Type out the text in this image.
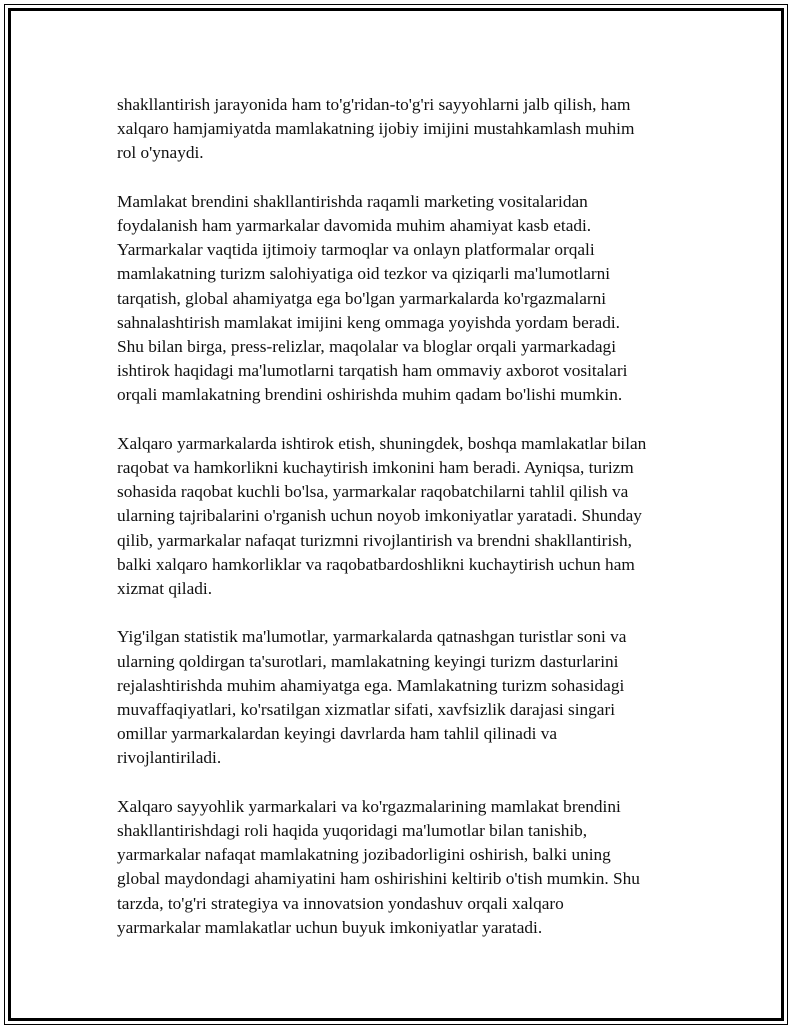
shakllantirish jarayonida ham to'g'ridan-to'g'ri sayyohlarni jalb qilish, ham
xalqaro hamjamiyatda mamlakatning ijobiy imijini mustahkamlash muhim
rol o'ynaydi.

Mamlakat brendini shakllantirishda raqamli marketing vositalaridan
foydalanish ham yarmarkalar davomida muhim ahamiyat kasb etadi.
Yarmarkalar vaqtida ijtimoiy tarmoqlar va onlayn platformalar orqali
mamlakatning turizm salohiyatiga oid tezkor va qiziqarli ma'lumotlarni
tarqatish, global ahamiyatga ega bo'lgan yarmarkalarda ko'rgazmalarni
sahnalashtirish mamlakat imijini keng ommaga yoyishda yordam beradi.
Shu bilan birga, press-relizlar, maqolalar va bloglar orqali yarmarkadagi
ishtirok haqidagi ma'lumotlarni tarqatish ham ommaviy axborot vositalari
orqali mamlakatning brendini oshirishda muhim qadam bo'lishi mumkin.

Xalqaro yarmarkalarda ishtirok etish, shuningdek, boshqa mamlakatlar bilan
raqobat va hamkorlikni kuchaytirish imkonini ham beradi. Ayniqsa, turizm
sohasida raqobat kuchli bo'lsa, yarmarkalar raqobatchilarni tahlil qilish va
ularning tajribalarini o'rganish uchun noyob imkoniyatlar yaratadi. Shunday
qilib, yarmarkalar nafaqat turizmni rivojlantirish va brendni shakllantirish,
balki xalqaro hamkorliklar va raqobatbardoshlikni kuchaytirish uchun ham
xizmat qiladi.

Yig'ilgan statistik ma'lumotlar, yarmarkalarda qatnashgan turistlar soni va
ularning qoldirgan ta'surotlari, mamlakatning keyingi turizm dasturlarini
rejalashtirishda muhim ahamiyatga ega. Mamlakatning turizm sohasidagi
muvaffaqiyatlari, ko'rsatilgan xizmatlar sifati, xavfsizlik darajasi singari
omillar yarmarkalardan keyingi davrlarda ham tahlil qilinadi va
rivojlantiriladi.

Xalqaro sayyohlik yarmarkalari va ko'rgazmalarining mamlakat brendini
shakllantirishdagi roli haqida yuqoridagi ma'lumotlar bilan tanishib,
yarmarkalar nafaqat mamlakatning jozibadorligini oshirish, balki uning
global maydondagi ahamiyatini ham oshirishini keltirib o'tish mumkin. Shu
tarzda, to'g'ri strategiya va innovatsion yondashuv orqali xalqaro
yarmarkalar mamlakatlar uchun buyuk imkoniyatlar yaratadi.
